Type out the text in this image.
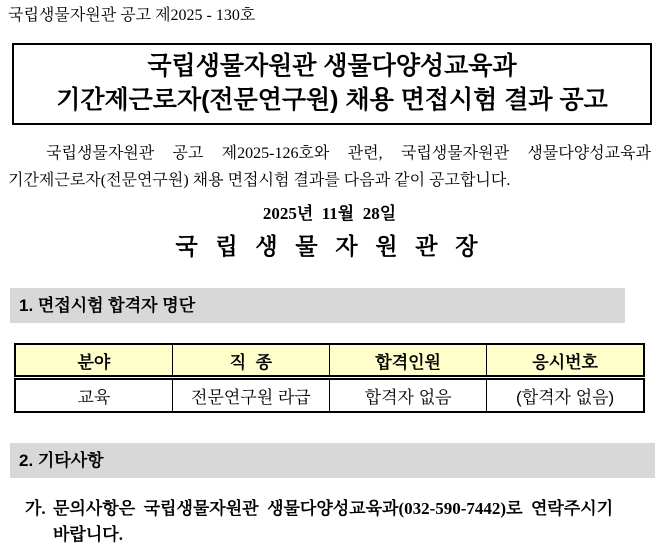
국립생물자원관 공고 제2025 - 130호
국립생물자원관 생물다양성교육과
기간제근로자(전문연구원) 채용 면접시험 결과 공고
국립생물자원관 공고 제2025-126호와 관련, 국립생물자원관 생물다양성교육과
기간제근로자(전문연구원) 채용 면접시험 결과를 다음과 같이 공고합니다.
2025년  11월  28일
국 립 생 물 자 원 관 장
1. 면접시험 합격자 명단
분야	직  종	합격인원	응시번호
교육	전문연구원 라급	합격자 없음	(합격자 없음)
2. 기타사항
가. 문의사항은  국립생물자원관  생물다양성교육과(032-590-7442)로  연락주시기
바랍니다.
